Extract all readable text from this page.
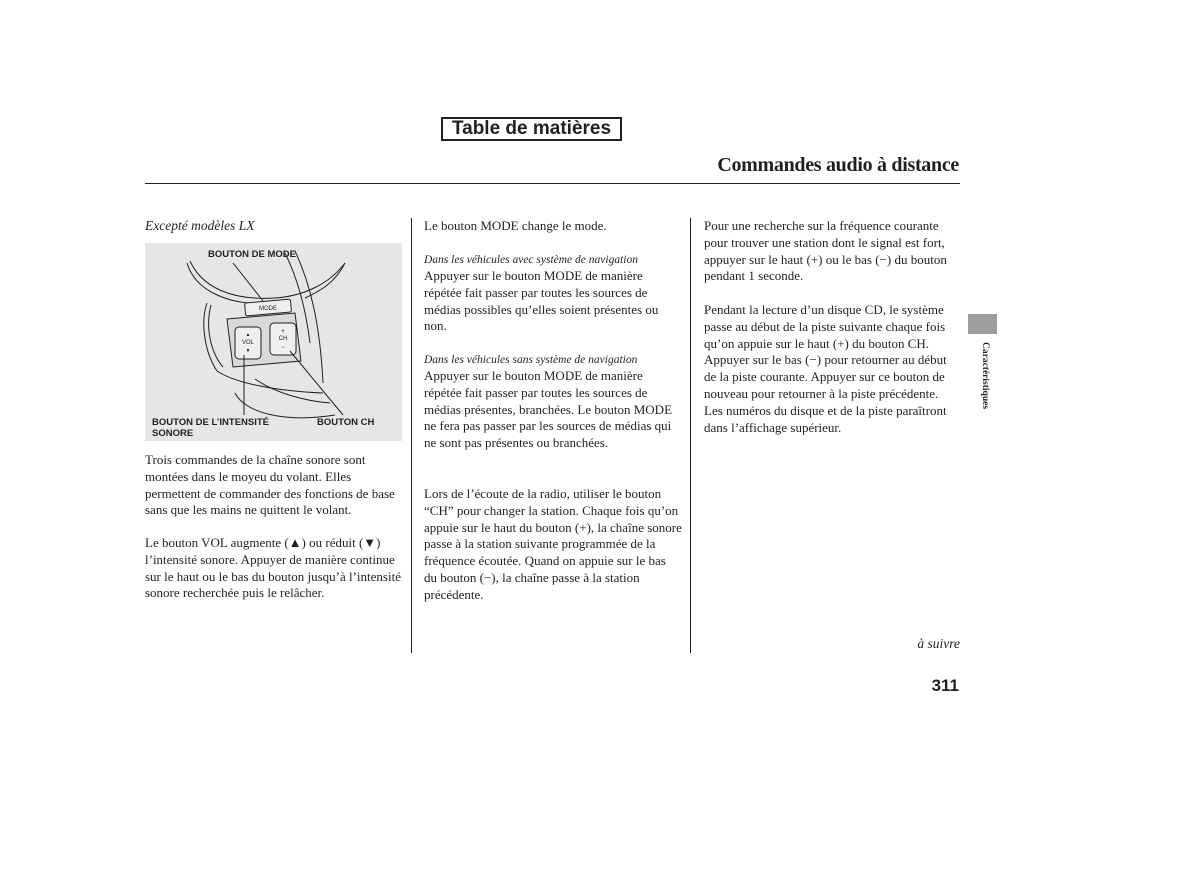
Table de matières
Commandes audio à distance
Excepté modèles LX
MODE
▲
VOL
▼
+
CH
−
BOUTON DE MODE
BOUTON DE L’INTENSITÉ
SONORE
BOUTON CH

Trois commandes de la chaîne sonore sont montées dans le moyeu du volant. Elles permettent de commander des fonctions de base sans que les mains ne quittent le volant.

Le bouton VOL augmente (▲) ou réduit (▼) l’intensité sonore. Appuyer de manière continue sur le haut ou le bas du bouton jusqu’à l’intensité sonore recherchée puis le relâcher.

Le bouton MODE change le mode.

Dans les véhicules avec système de navigation

Appuyer sur le bouton MODE de manière répétée fait passer par toutes les sources de médias possibles qu’elles soient présentes ou non.

Dans les véhicules sans système de navigation

Appuyer sur le bouton MODE de manière répétée fait passer par toutes les sources de médias présentes, branchées. Le bouton MODE ne fera pas passer par les sources de médias qui ne sont pas présentes ou branchées.

Lors de l’écoute de la radio, utiliser le bouton “CH” pour changer la station. Chaque fois qu’on appuie sur le haut du bouton (+), la chaîne sonore passe à la station suivante programmée de la fréquence écoutée. Quand on appuie sur le bas du bouton (−), la chaîne passe à la station précédente.

Pour une recherche sur la fréquence courante pour trouver une station dont le signal est fort, appuyer sur le haut (+) ou le bas (−) du bouton pendant 1 seconde.

Pendant la lecture d’un disque CD, le système passe au début de la piste suivante chaque fois qu’on appuie sur le haut (+) du bouton CH. Appuyer sur le bas (−) pour retourner au début de la piste courante. Appuyer sur ce bouton de nouveau pour retourner à la piste précédente. Les numéros du disque et de la piste paraîtront dans l’affichage supérieur.

Caractéristiques
à suivre
311
